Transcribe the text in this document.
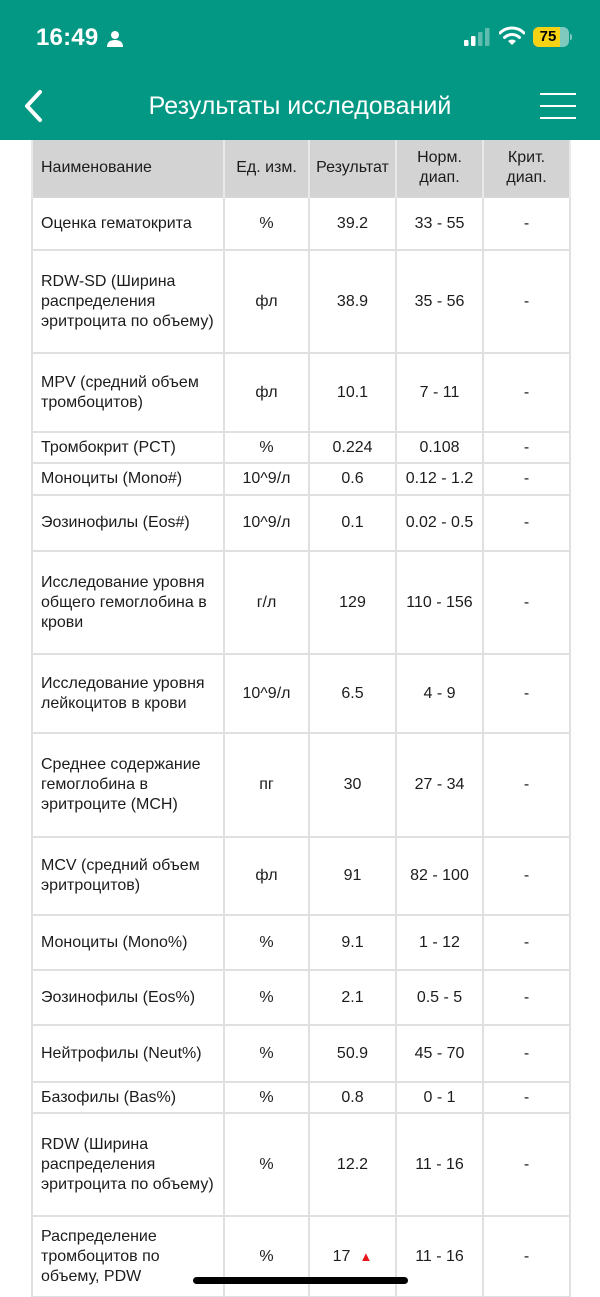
16:49	75
Результаты исследований
Наименование	Ед. изм.	Результат	Норм. диап.	Крит. диап.
Оценка гематокрита	%	39.2	33 - 55	-
RDW-SD (Ширина распределения эритроцита по объему)	фл	38.9	35 - 56	-
MPV (средний объем тромбоцитов)	фл	10.1	7 - 11	-
Тромбокрит (PCT)	%	0.224	0.108	-
Моноциты (Mono#)	10^9/л	0.6	0.12 - 1.2	-
Эозинофилы (Eos#)	10^9/л	0.1	0.02 - 0.5	-
Исследование уровня общего гемоглобина в крови	г/л	129	110 - 156	-
Исследование уровня лейкоцитов в крови	10^9/л	6.5	4 - 9	-
Среднее содержание гемоглобина в эритроците (MCH)	пг	30	27 - 34	-
MCV (средний объем эритроцитов)	фл	91	82 - 100	-
Моноциты (Mono%)	%	9.1	1 - 12	-
Эозинофилы (Eos%)	%	2.1	0.5 - 5	-
Нейтрофилы (Neut%)	%	50.9	45 - 70	-
Базофилы (Bas%)	%	0.8	0 - 1	-
RDW (Ширина распределения эритроцита по объему)	%	12.2	11 - 16	-
Распределение тромбоцитов по объему, PDW	%	17 ▲	11 - 16	-
